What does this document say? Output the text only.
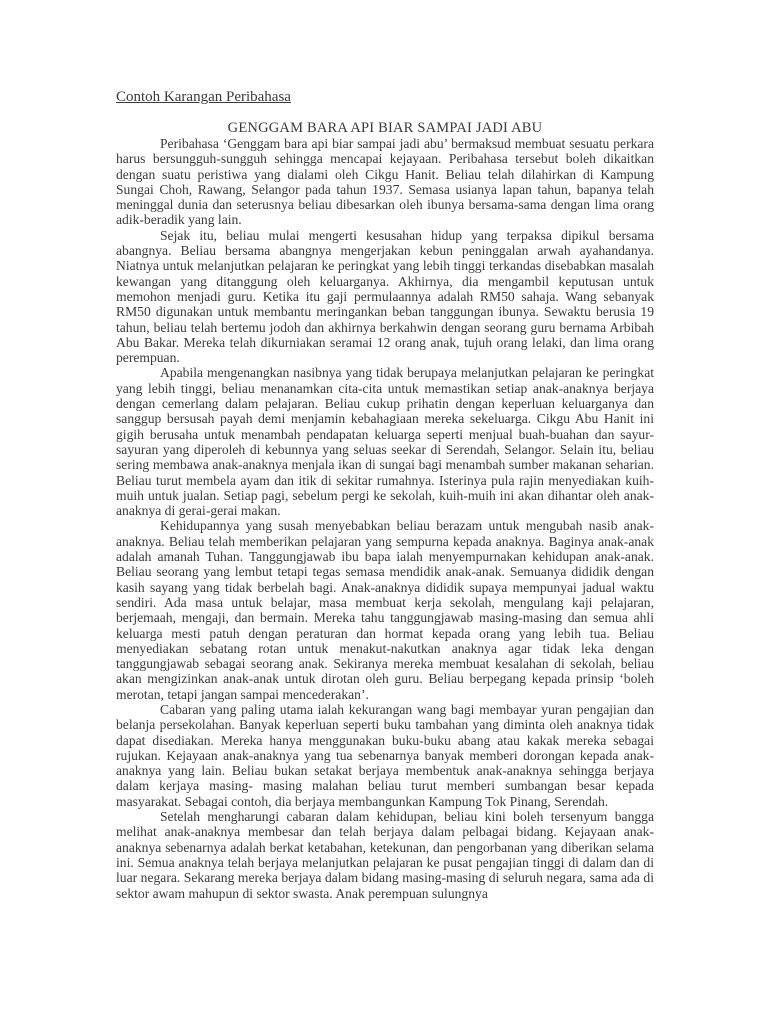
Contoh Karangan Peribahasa
GENGGAM BARA API BIAR SAMPAI JADI ABU

Peribahasa ‘Genggam bara api biar sampai jadi abu’ bermaksud membuat sesuatu perkara harus bersungguh-sungguh sehingga mencapai kejayaan. Peribahasa tersebut boleh dikaitkan dengan suatu peristiwa yang dialami oleh Cikgu Hanit. Beliau telah dilahirkan di Kampung Sungai Choh, Rawang, Selangor pada tahun 1937. Semasa usianya lapan tahun, bapanya telah meninggal dunia dan seterusnya beliau dibesarkan oleh ibunya bersama-sama dengan lima orang adik-beradik yang lain.

Sejak itu, beliau mulai mengerti kesusahan hidup yang terpaksa dipikul bersama abangnya. Beliau bersama abangnya mengerjakan kebun peninggalan arwah ayahandanya. Niatnya untuk melanjutkan pelajaran ke peringkat yang lebih tinggi terkandas disebabkan masalah kewangan yang ditanggung oleh keluarganya. Akhirnya, dia mengambil keputusan untuk memohon menjadi guru. Ketika itu gaji permulaannya adalah RM50 sahaja. Wang sebanyak RM50 digunakan untuk membantu meringankan beban tanggungan ibunya. Sewaktu berusia 19 tahun, beliau telah bertemu jodoh dan akhirnya berkahwin dengan seorang guru bernama Arbibah Abu Bakar. Mereka telah dikurniakan seramai 12 orang anak, tujuh orang lelaki, dan lima orang perempuan.

Apabila mengenangkan nasibnya yang tidak berupaya melanjutkan pelajaran ke peringkat yang lebih tinggi, beliau menanamkan cita-cita untuk memastikan setiap anak-anaknya berjaya dengan cemerlang dalam pelajaran. Beliau cukup prihatin dengan keperluan keluarganya dan sanggup bersusah payah demi menjamin kebahagiaan mereka sekeluarga. Cikgu Abu Hanit ini gigih berusaha untuk menambah pendapatan keluarga seperti menjual buah-buahan dan sayur-sayuran yang diperoleh di kebunnya yang seluas seekar di Serendah, Selangor. Selain itu, beliau sering membawa anak-anaknya menjala ikan di sungai bagi menambah sumber makanan seharian. Beliau turut membela ayam dan itik di sekitar rumahnya. Isterinya pula rajin menyediakan kuih-muih untuk jualan. Setiap pagi, sebelum pergi ke sekolah, kuih-muih ini akan dihantar oleh anak-anaknya di gerai-gerai makan.

Kehidupannya yang susah menyebabkan beliau berazam untuk mengubah nasib anak-anaknya. Beliau telah memberikan pelajaran yang sempurna kepada anaknya. Baginya anak-anak adalah amanah Tuhan. Tanggungjawab ibu bapa ialah menyempurnakan kehidupan anak-anak. Beliau seorang yang lembut tetapi tegas semasa mendidik anak-anak. Semuanya dididik dengan kasih sayang yang tidak berbelah bagi. Anak-anaknya dididik supaya mempunyai jadual waktu sendiri. Ada masa untuk belajar, masa membuat kerja sekolah, mengulang kaji pelajaran, berjemaah, mengaji, dan bermain. Mereka tahu tanggungjawab masing-masing dan semua ahli keluarga mesti patuh dengan peraturan dan hormat kepada orang yang lebih tua. Beliau menyediakan sebatang rotan untuk menakut-nakutkan anaknya agar tidak leka dengan tanggungjawab sebagai seorang anak. Sekiranya mereka membuat kesalahan di sekolah, beliau akan mengizinkan anak-anak untuk dirotan oleh guru. Beliau berpegang kepada prinsip ‘boleh merotan, tetapi jangan sampai mencederakan’.

Cabaran yang paling utama ialah kekurangan wang bagi membayar yuran pengajian dan belanja persekolahan. Banyak keperluan seperti buku tambahan yang diminta oleh anaknya tidak dapat disediakan. Mereka hanya menggunakan buku-buku abang atau kakak mereka sebagai rujukan. Kejayaan anak-anaknya yang tua sebenarnya banyak memberi dorongan kepada anak-anaknya yang lain. Beliau bukan setakat berjaya membentuk anak-anaknya sehingga berjaya dalam kerjaya masing- masing malahan beliau turut memberi sumbangan besar kepada masyarakat. Sebagai contoh, dia berjaya membangunkan Kampung Tok Pinang, Serendah.

Setelah mengharungi cabaran dalam kehidupan, beliau kini boleh tersenyum bangga melihat anak-anaknya membesar dan telah berjaya dalam pelbagai bidang. Kejayaan anak-anaknya sebenarnya adalah berkat ketabahan, ketekunan, dan pengorbanan yang diberikan selama ini. Semua anaknya telah berjaya melanjutkan pelajaran ke pusat pengajian tinggi di dalam dan di luar negara. Sekarang mereka berjaya dalam bidang masing-masing di seluruh negara, sama ada di sektor awam mahupun di sektor swasta. Anak perempuan sulungnya
